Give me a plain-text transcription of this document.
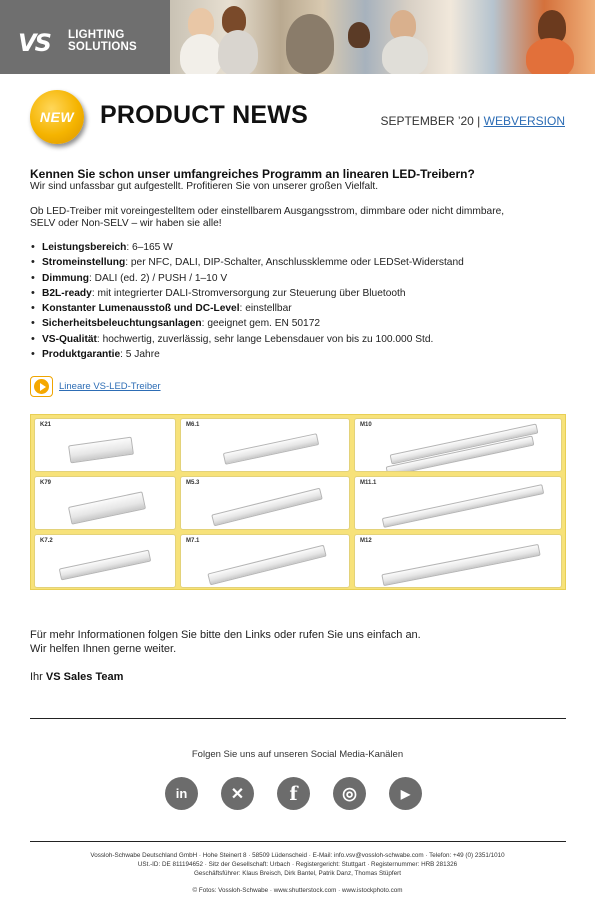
VS LIGHTING
SOLUTIONS
NEW PRODUCT NEWS	SEPTEMBER ’20 | WEBVERSION
Kennen Sie schon unser umfangreiches Programm an linearen LED-Treibern?
Wir sind unfassbar gut aufgestellt. Profitieren Sie von unserer großen Vielfalt.
Ob LED-Treiber mit voreingestelltem oder einstellbarem Ausgangsstrom, dimmbare oder nicht dimmbare,
SELV oder Non-SELV – wir haben sie alle!
• Leistungsbereich: 6–165 W
• Stromeinstellung: per NFC, DALI, DIP-Schalter, Anschlussklemme oder LEDSet-Widerstand
• Dimmung: DALI (ed. 2) / PUSH / 1–10 V
• B2L-ready: mit integrierter DALI-Stromversorgung zur Steuerung über Bluetooth
• Konstanter Lumenausstoß und DC-Level: einstellbar
• Sicherheitsbeleuchtungsanlagen: geeignet gem. EN 50172
• VS-Qualität: hochwertig, zuverlässig, sehr lange Lebensdauer von bis zu 100.000 Std.
• Produktgarantie: 5 Jahre
Lineare VS-LED-Treiber
K21	M6.1	M10
K79	M5.3	M11.1
K7.2	M7.1	M12
Für mehr Informationen folgen Sie bitte den Links oder rufen Sie uns einfach an.
Wir helfen Ihnen gerne weiter.
Ihr VS Sales Team
Folgen Sie uns auf unseren Social Media-Kanälen
in	✕ f	◎	▶
Vossloh-Schwabe Deutschland GmbH · Hohe Steinert 8 · 58509 Lüdenscheid · E-Mail: info.vsv@vossloh-schwabe.com · Telefon: +49 (0) 2351/1010
USt.-ID: DE 811194652 · Sitz der Gesellschaft: Urbach · Registergericht: Stuttgart · Registernummer: HRB 281326
Geschäftsführer: Klaus Breisch, Dirk Bantel, Patrik Danz, Thomas Stüpfert
© Fotos: Vossloh-Schwabe · www.shutterstock.com · www.istockphoto.com
